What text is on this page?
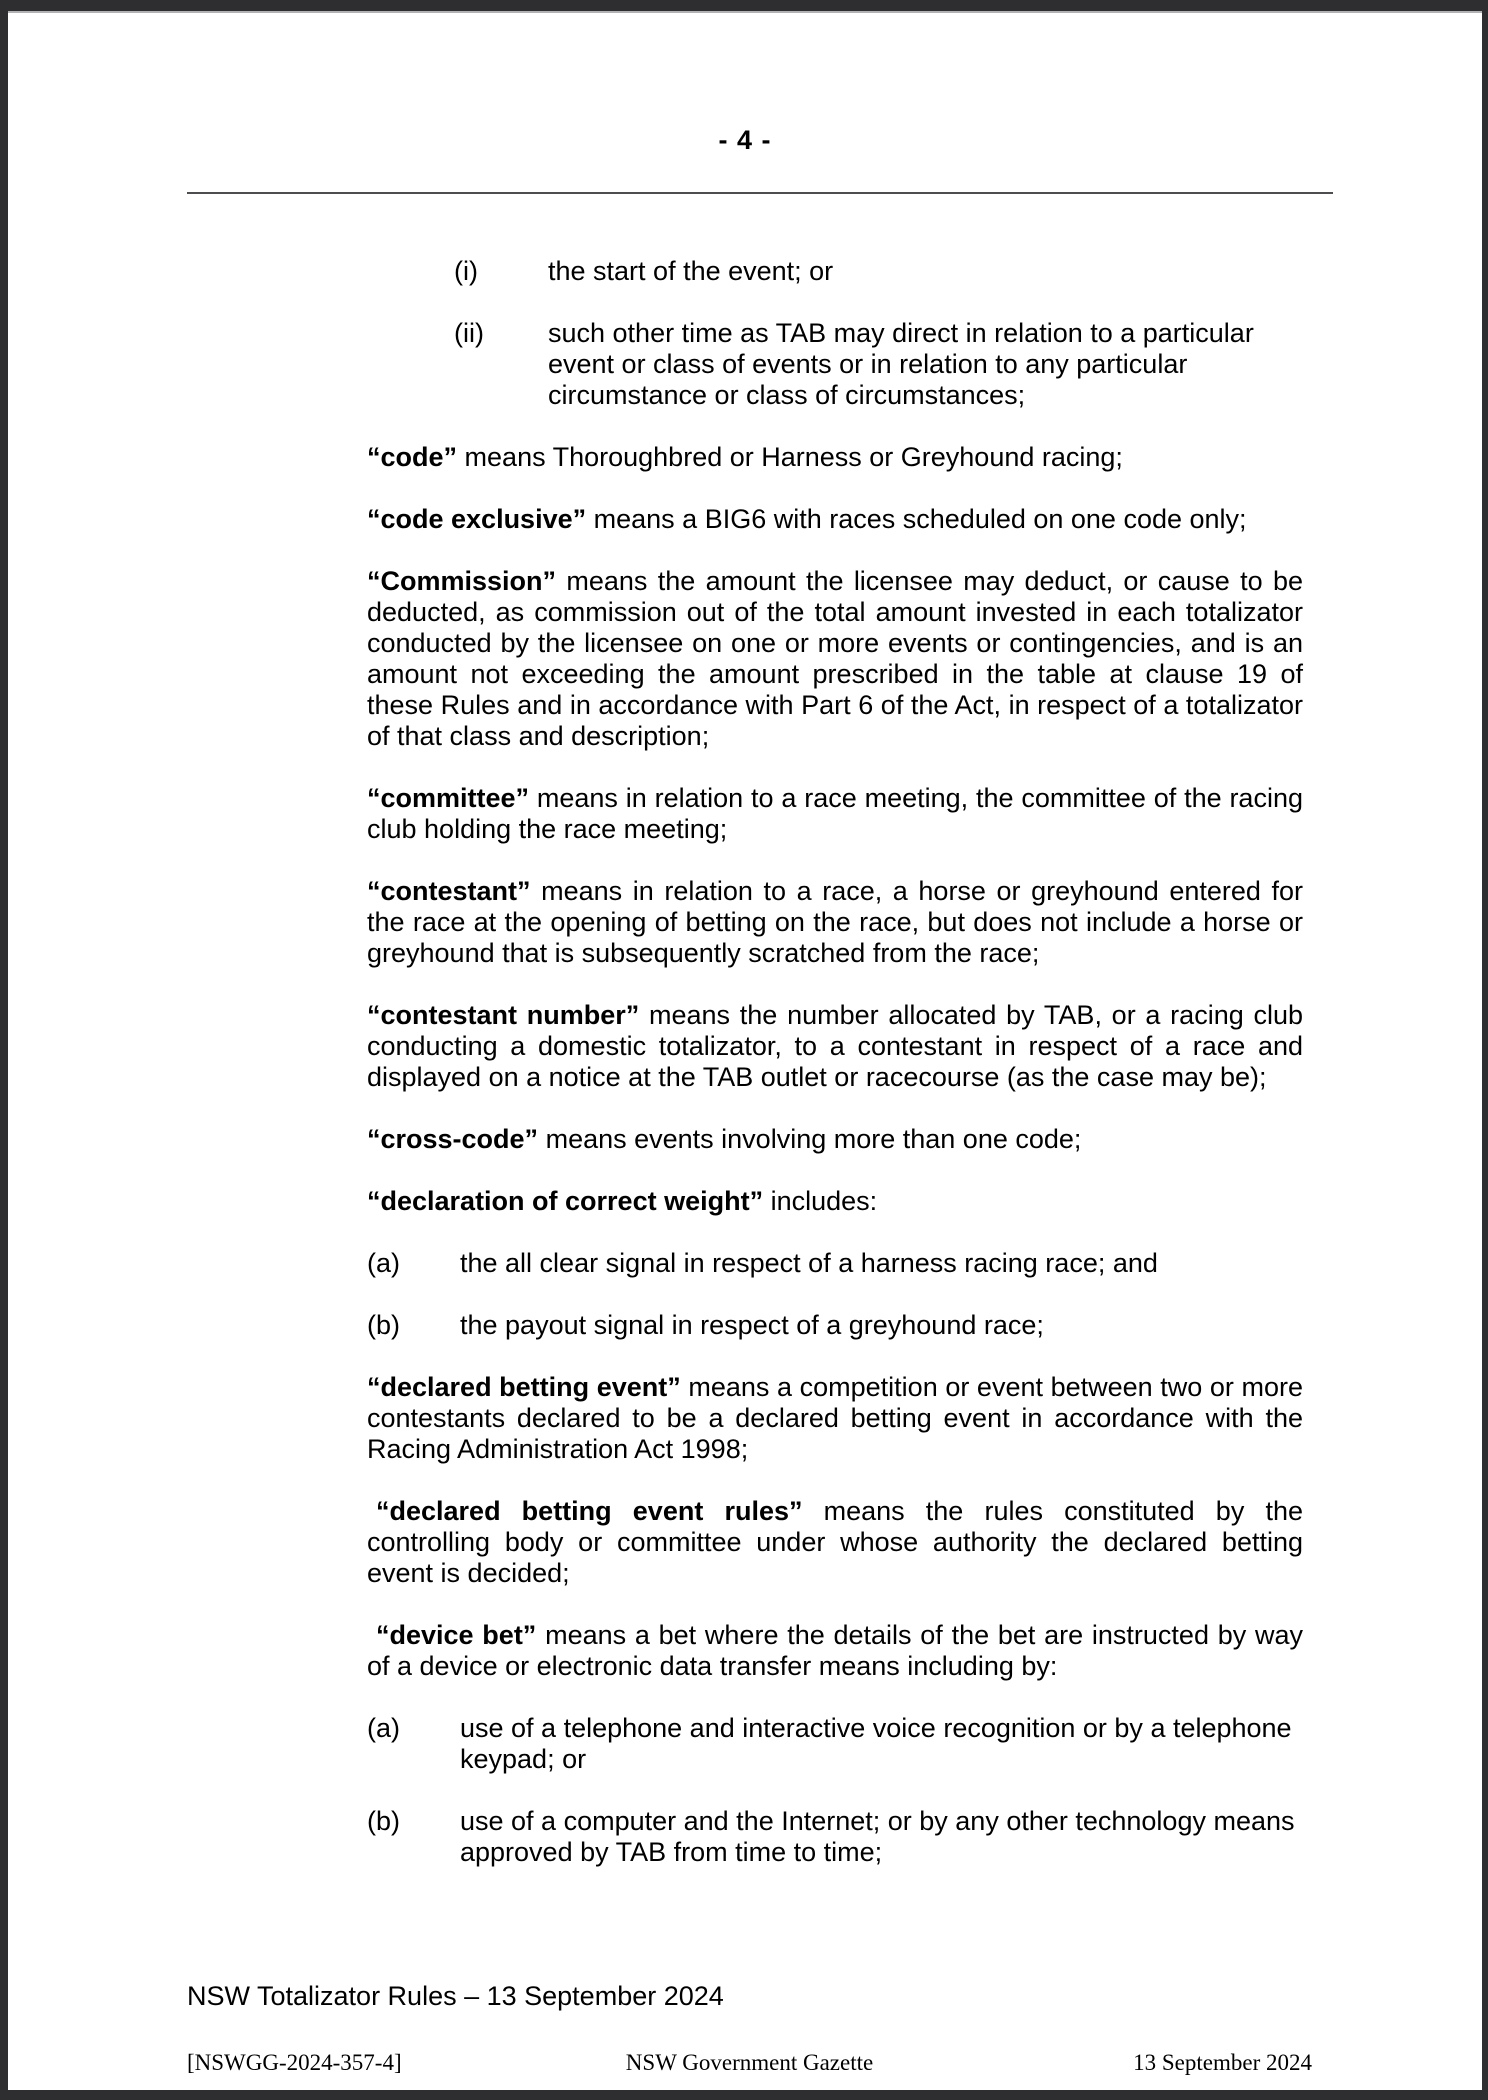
- 4 -
(i)	the start of the event; or
(ii) such other time as TAB may direct in relation to a particular event or class of events or in relation to any particular circumstance or class of circumstances;

“code” means Thoroughbred or Harness or Greyhound racing;

“code exclusive” means a BIG6 with races scheduled on one code only;

“Commission” means the amount the licensee may deduct, or cause to be deducted, as commission out of the total amount invested in each totalizator conducted by the licensee on one or more events or contingencies, and is an amount not exceeding the amount prescribed in the table at clause 19 of these Rules and in accordance with Part 6 of the Act, in respect of a totalizator of that class and description;

“committee” means in relation to a race meeting, the committee of the racing club holding the race meeting;

“contestant” means in relation to a race, a horse or greyhound entered for the race at the opening of betting on the race, but does not include a horse or greyhound that is subsequently scratched from the race;

“contestant number” means the number allocated by TAB, or a racing club conducting a domestic totalizator, to a contestant in respect of a race and displayed on a notice at the TAB outlet or racecourse (as the case may be);

“cross-code” means events involving more than one code;

“declaration of correct weight” includes:

(a) the all clear signal in respect of a harness racing race; and
(b) the payout signal in respect of a greyhound race;

“declared betting event” means a competition or event between two or more contestants declared to be a declared betting event in accordance with the Racing Administration Act 1998;

“declared betting event rules” means the rules constituted by the controlling body or committee under whose authority the declared betting event is decided;

“device bet” means a bet where the details of the bet are instructed by way of a device or electronic data transfer means including by:

(a) use of a telephone and interactive voice recognition or by a telephone keypad; or
(b) use of a computer and the Internet; or by any other technology means approved by TAB from time to time;
NSW Totalizator Rules – 13 September 2024
[NSWGG-2024-357-4]	NSW Government Gazette	13 September 2024
